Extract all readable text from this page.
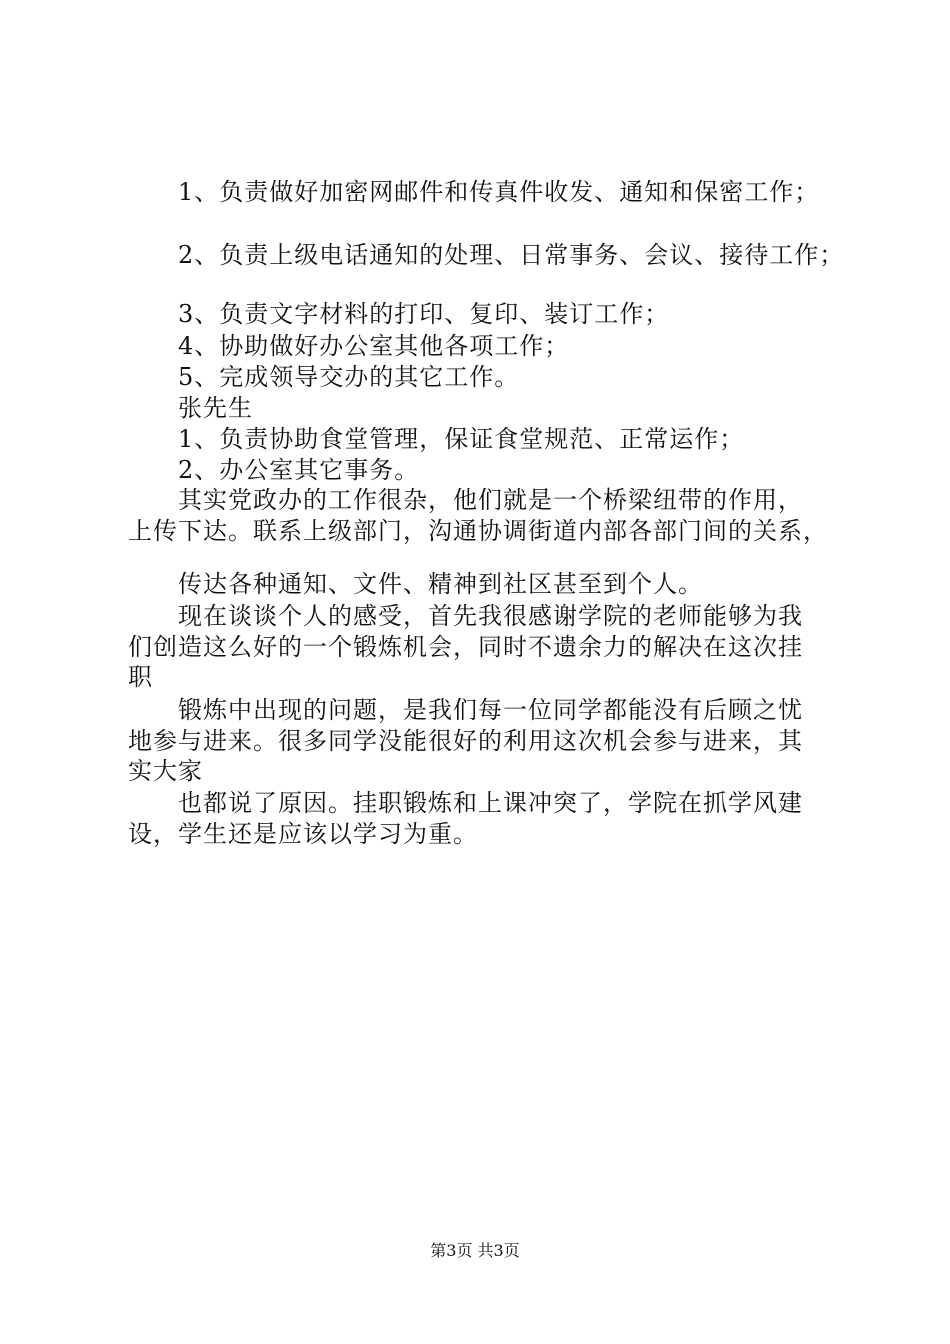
1、负责做好加密网邮件和传真件收发、通知和保密工作；
2、负责上级电话通知的处理、日常事务、会议、接待工作；
3、负责文字材料的打印、复印、装订工作；
4、协助做好办公室其他各项工作；
5、完成领导交办的其它工作。
张先生
1、负责协助食堂管理，保证食堂规范、正常运作；
2、办公室其它事务。
其实党政办的工作很杂，他们就是一个桥梁纽带的作用，
上传下达。联系上级部门，沟通协调街道内部各部门间的关系，
传达各种通知、文件、精神到社区甚至到个人。
现在谈谈个人的感受，首先我很感谢学院的老师能够为我
们创造这么好的一个锻炼机会，同时不遗余力的解决在这次挂
职
锻炼中出现的问题，是我们每一位同学都能没有后顾之忧
地参与进来。很多同学没能很好的利用这次机会参与进来，其
实大家
也都说了原因。挂职锻炼和上课冲突了，学院在抓学风建
设，学生还是应该以学习为重。
第3页 共3页
